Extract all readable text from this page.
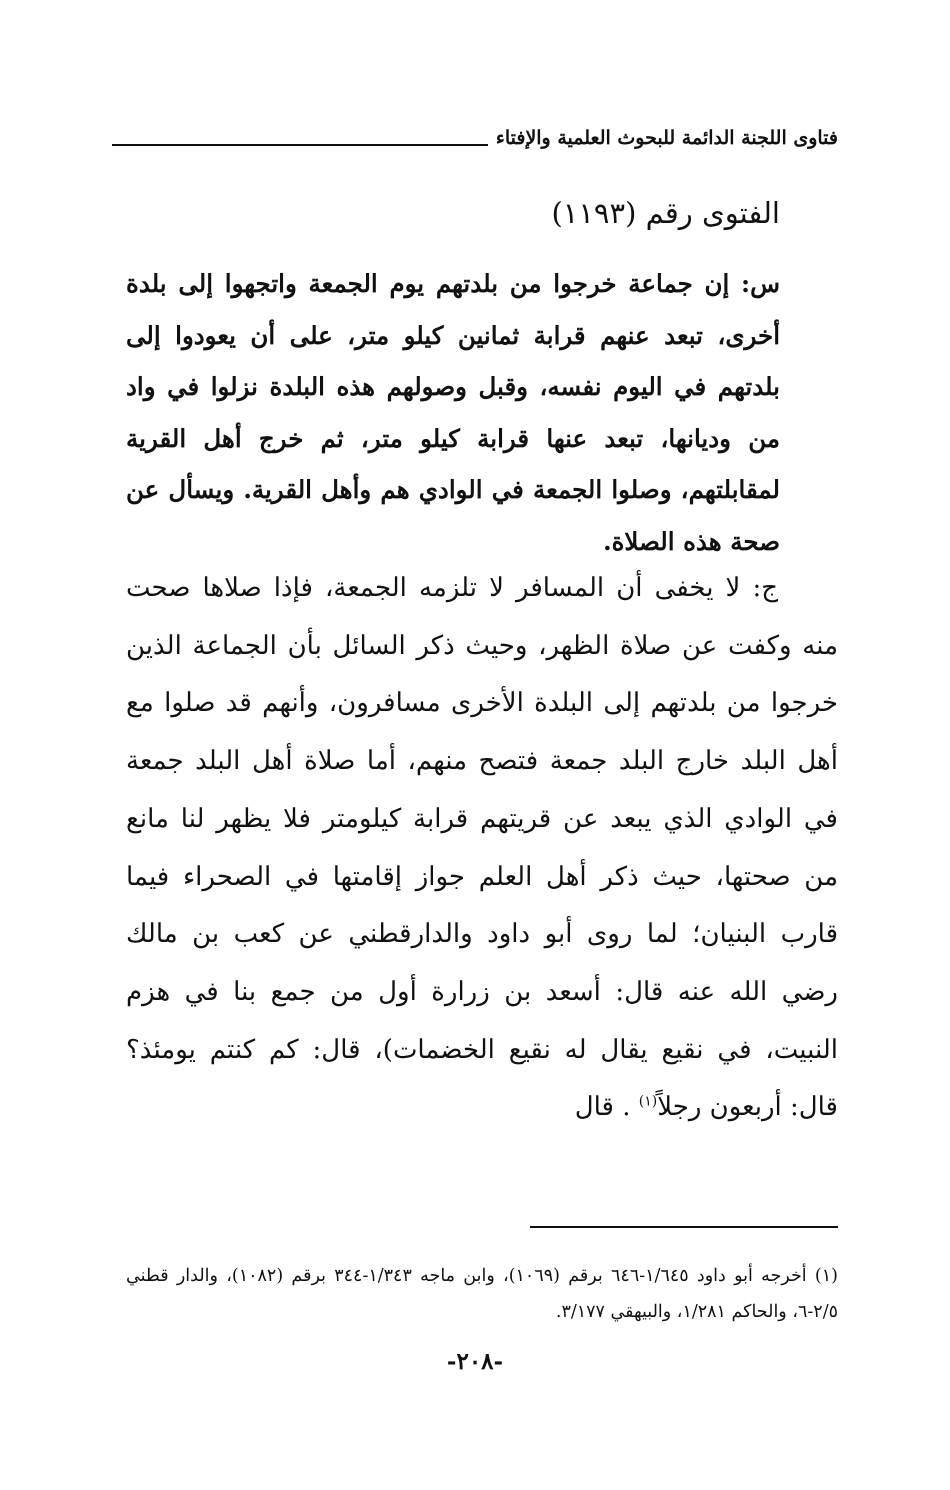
فتاوى اللجنة الدائمة للبحوث العلمية والإفتاء
الفتوى رقم (١١٩٣)
س: إن جماعة خرجوا من بلدتهم يوم الجمعة واتجهوا إلى بلدة أخرى، تبعد عنهم قرابة ثمانين كيلو متر، على أن يعودوا إلى بلدتهم في اليوم نفسه، وقبل وصولهم هذه البلدة نزلوا في واد من وديانها، تبعد عنها قرابة كيلو متر، ثم خرج أهل القرية لمقابلتهم، وصلوا الجمعة في الوادي هم وأهل القرية. ويسأل عن صحة هذه الصلاة.
ج: لا يخفى أن المسافر لا تلزمه الجمعة، فإذا صلاها صحت منه وكفت عن صلاة الظهر، وحيث ذكر السائل بأن الجماعة الذين خرجوا من بلدتهم إلى البلدة الأخرى مسافرون، وأنهم قد صلوا مع أهل البلد خارج البلد جمعة فتصح منهم، أما صلاة أهل البلد جمعة في الوادي الذي يبعد عن قريتهم قرابة كيلومتر فلا يظهر لنا مانع من صحتها، حيث ذكر أهل العلم جواز إقامتها في الصحراء فيما قارب البنيان؛ لما روى أبو داود والدارقطني عن كعب بن مالك رضي الله عنه قال: أسعد بن زرارة أول من جمع بنا في هزم النبيت، في نقيع يقال له نقيع الخضمات)، قال: كم كنتم يومئذ؟ قال: أربعون رجلاً$^{(١)}$ . قال
(١) أخرجه أبو داود ١/٦٤٥-٦٤٦ برقم (١٠٦٩)، وابن ماجه ١/٣٤٣-٣٤٤ برقم (١٠٨٢)، والدار قطني ٢/٥-٦، والحاكم ١/٢٨١، والبيهقي ٣/١٧٧.
-٢٠٨-
